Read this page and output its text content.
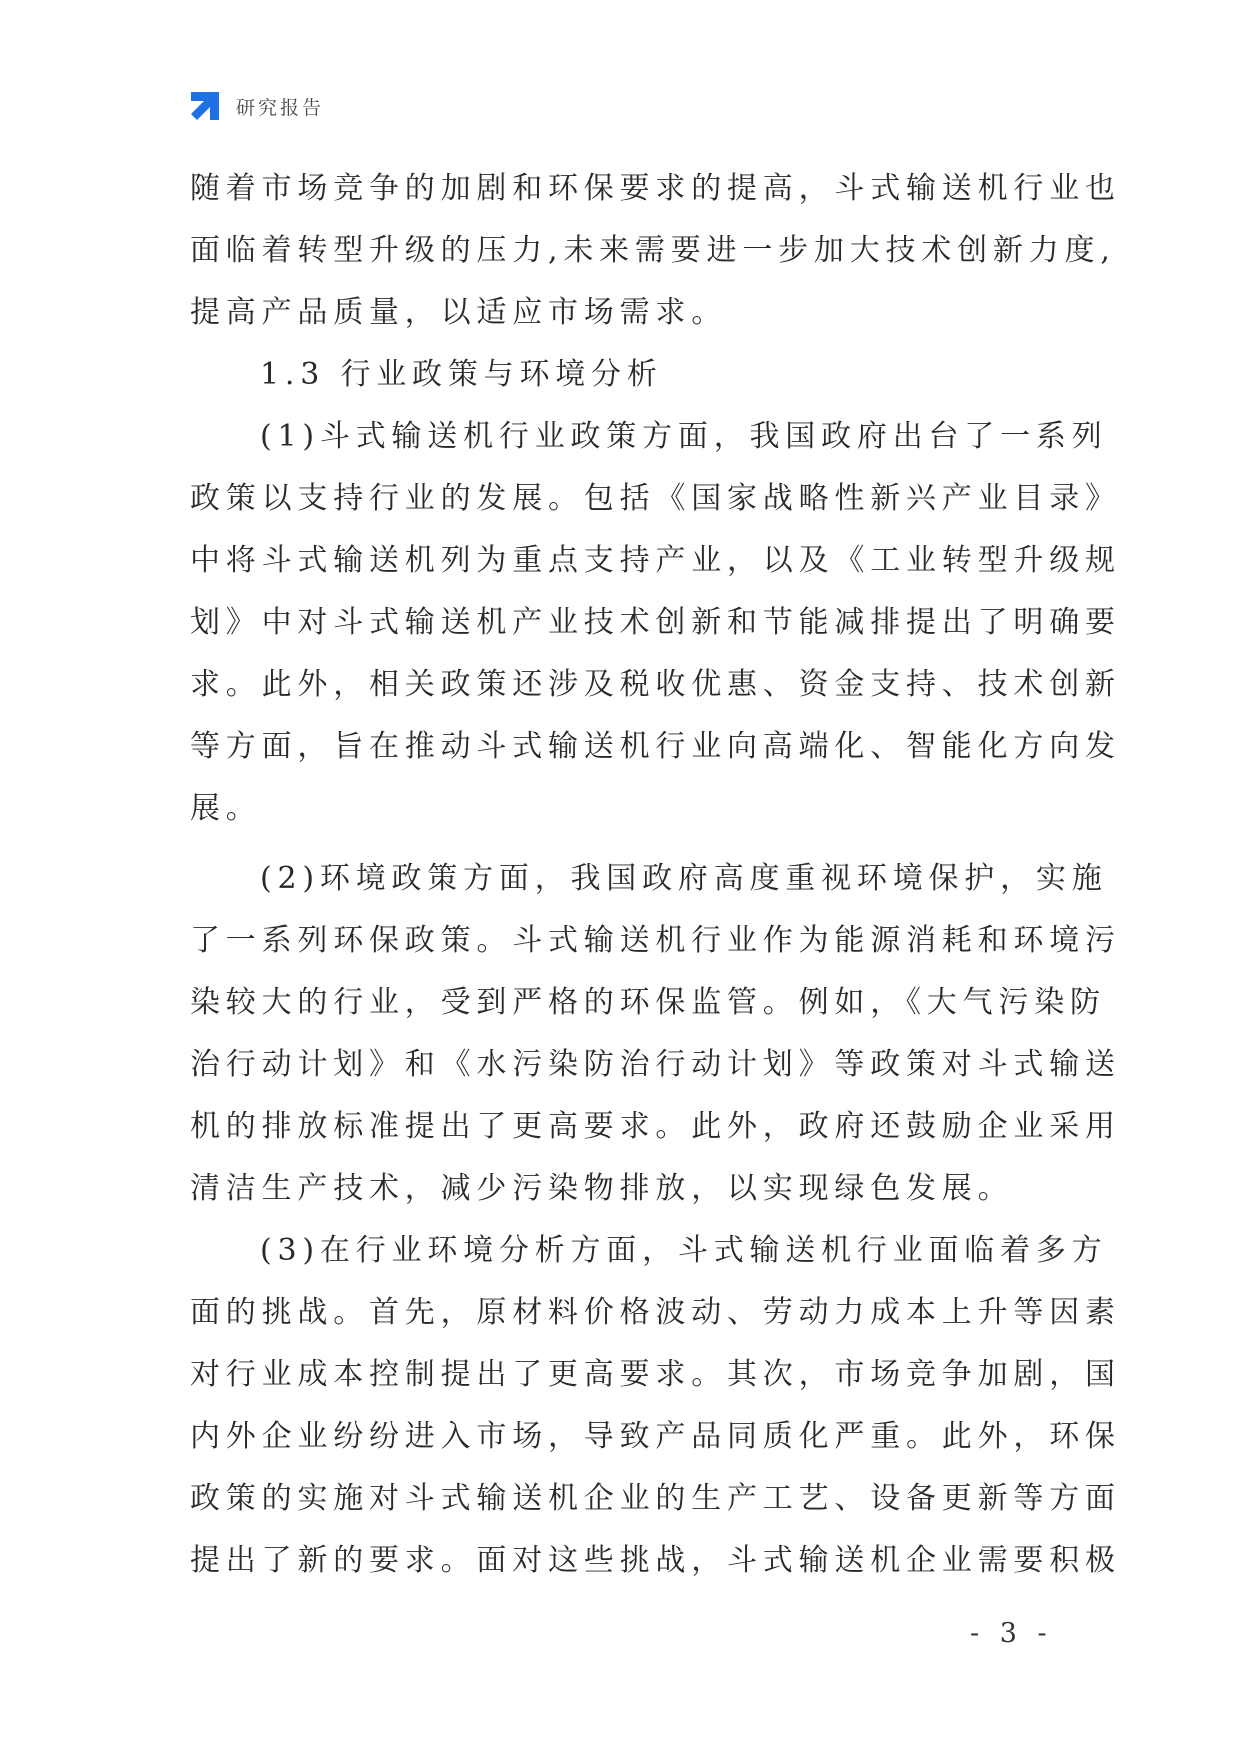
研究报告
随着市场竞争的加剧和环保要求的提高，斗式输送机行业也
面临着转型升级的压力,未来需要进一步加大技术创新力度,
提高产品质量，以适应市场需求。
1.3 行业政策与环境分析
(1)斗式输送机行业政策方面，我国政府出台了一系列
政策以支持行业的发展。包括《国家战略性新兴产业目录》
中将斗式输送机列为重点支持产业，以及《工业转型升级规
划》中对斗式输送机产业技术创新和节能减排提出了明确要
求。此外，相关政策还涉及税收优惠、资金支持、技术创新
等方面，旨在推动斗式输送机行业向高端化、智能化方向发
展。
(2)环境政策方面，我国政府高度重视环境保护，实施
了一系列环保政策。斗式输送机行业作为能源消耗和环境污
染较大的行业，受到严格的环保监管。例如，《大气污染防
治行动计划》和《水污染防治行动计划》等政策对斗式输送
机的排放标准提出了更高要求。此外，政府还鼓励企业采用
清洁生产技术，减少污染物排放，以实现绿色发展。
(3)在行业环境分析方面，斗式输送机行业面临着多方
面的挑战。首先，原材料价格波动、劳动力成本上升等因素
对行业成本控制提出了更高要求。其次，市场竞争加剧，国
内外企业纷纷进入市场，导致产品同质化严重。此外，环保
政策的实施对斗式输送机企业的生产工艺、设备更新等方面
提出了新的要求。面对这些挑战，斗式输送机企业需要积极
- 3 -
